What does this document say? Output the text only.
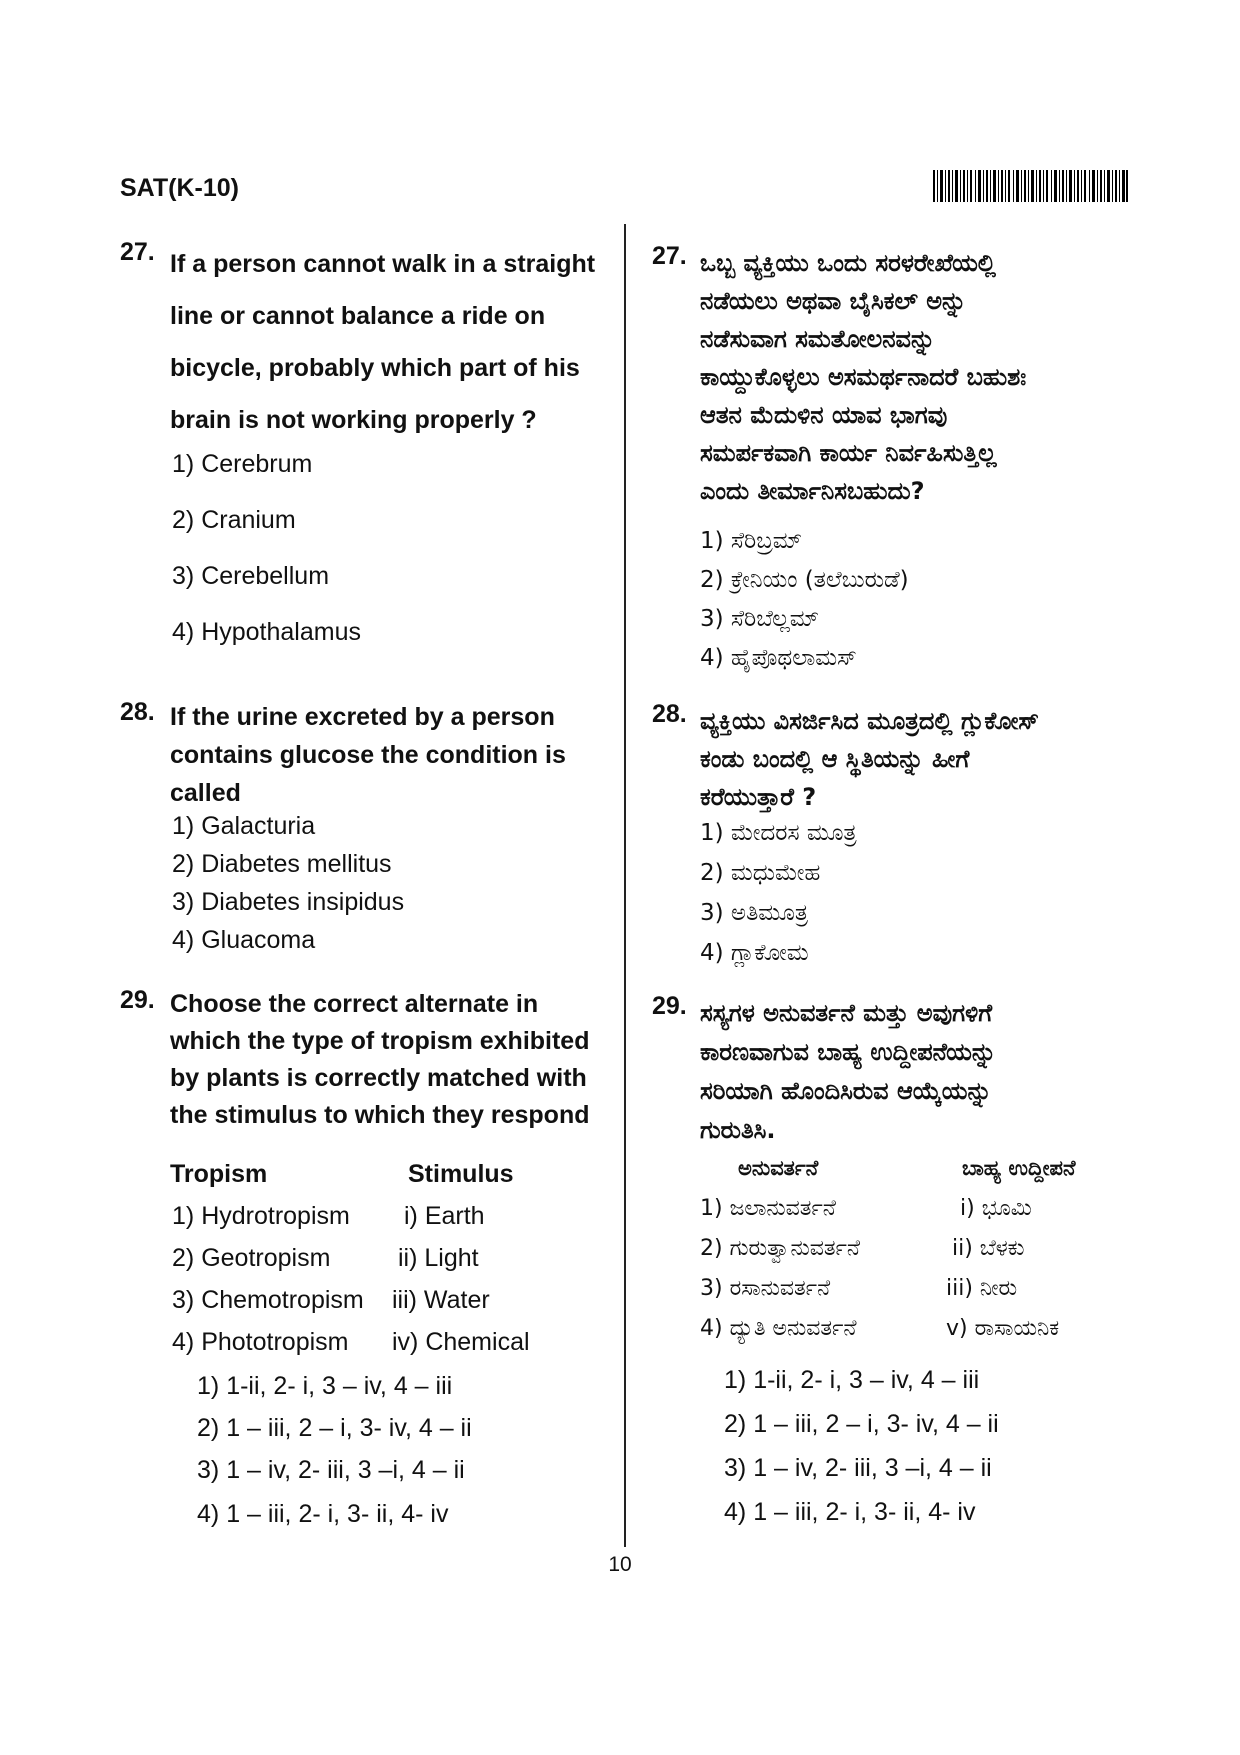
SAT(K-10)
27. If a person cannot walk in a straight
line or cannot balance a ride on
bicycle, probably which part of his
brain is not working properly ?
1) Cerebrum
2) Cranium
3) Cerebellum
4) Hypothalamus
28. If the urine excreted by a person
contains glucose the condition is
called
1) Galacturia
2) Diabetes mellitus
3) Diabetes insipidus
4) Gluacoma
29. Choose the correct alternate in
which the type of tropism exhibited
by plants is correctly matched with
the stimulus to which they respond
Tropism	Stimulus
1) Hydrotropism i) Earth
2) Geotropism	ii) Light
3) Chemotropism iii) Water
4) Phototropism iv) Chemical
1) 1-ii, 2- i, 3 – iv, 4 – iii
2) 1 – iii, 2 – i, 3- iv, 4 – ii
3) 1 – iv, 2- iii, 3 –i, 4 – ii
4) 1 – iii, 2- i, 3- ii, 4- iv
27. ಒಬ್ಬ ವ್ಯಕ್ತಿಯು ಒಂದು ಸರಳರೇಖೆಯಲ್ಲಿ
ನಡೆಯಲು ಅಥವಾ ಬೈಸಿಕಲ್ ಅನ್ನು
ನಡೆಸುವಾಗ ಸಮತೋಲನವನ್ನು
ಕಾಯ್ದುಕೊಳ್ಳಲು ಅಸಮರ್ಥನಾದರೆ ಬಹುಶಃ
ಆತನ ಮೆದುಳಿನ ಯಾವ ಭಾಗವು
ಸಮರ್ಪಕವಾಗಿ ಕಾರ್ಯ ನಿರ್ವಹಿಸುತ್ತಿಲ್ಲ
ಎಂದು ತೀರ್ಮಾನಿಸಬಹುದು?
1) ಸೆರಿಬ್ರಮ್
2) ಕ್ರೇನಿಯಂ (ತಲೆಬುರುಡೆ)
3) ಸೆರಿಬೆಲ್ಲಮ್
4) ಹೈಪೊಥಲಾಮಸ್
28. ವ್ಯಕ್ತಿಯು ವಿಸರ್ಜಿಸಿದ ಮೂತ್ರದಲ್ಲಿ ಗ್ಲುಕೋಸ್
ಕಂಡು ಬಂದಲ್ಲಿ ಆ ಸ್ಥಿತಿಯನ್ನು ಹೀಗೆ
ಕರೆಯುತ್ತಾರೆ ?
1) ಮೇದರಸ ಮೂತ್ರ
2) ಮಧುಮೇಹ
3) ಅತಿಮೂತ್ರ
4) ಗ್ಲಾಕೋಮ
29. ಸಸ್ಯಗಳ ಅನುವರ್ತನೆ ಮತ್ತು ಅವುಗಳಿಗೆ
ಕಾರಣವಾಗುವ ಬಾಹ್ಯ ಉದ್ದೀಪನೆಯನ್ನು
ಸರಿಯಾಗಿ ಹೊಂದಿಸಿರುವ ಆಯ್ಕೆಯನ್ನು
ಗುರುತಿಸಿ.
ಅನುವರ್ತನೆ	ಬಾಹ್ಯ ಉದ್ದೀಪನೆ
1) ಜಲಾನುವರ್ತನೆ	i) ಭೂಮಿ
2) ಗುರುತ್ವಾನುವರ್ತನೆ	ii) ಬೆಳಕು
3) ರಸಾನುವರ್ತನೆ	iii) ನೀರು
4) ದ್ಯುತಿ ಅನುವರ್ತನೆ	v) ರಾಸಾಯನಿಕ
1) 1-ii, 2- i, 3 – iv, 4 – iii
2) 1 – iii, 2 – i, 3- iv, 4 – ii
3) 1 – iv, 2- iii, 3 –i, 4 – ii
4) 1 – iii, 2- i, 3- ii, 4- iv
10
